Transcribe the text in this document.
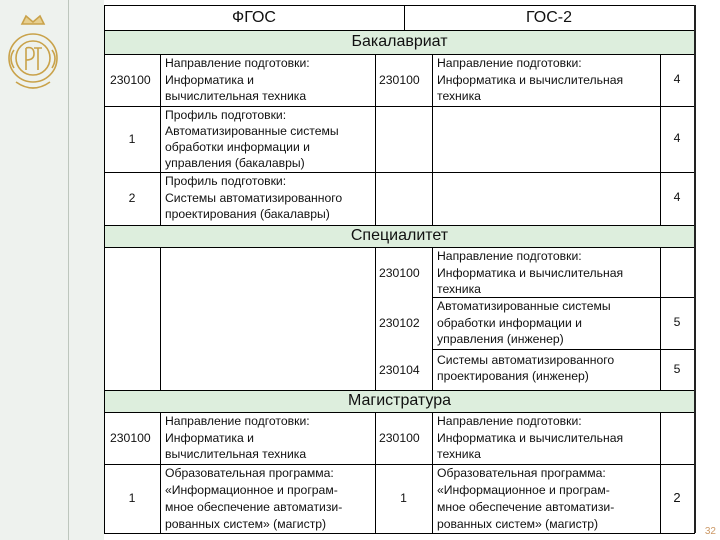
ФГОС	ГОС-2
Бакалавриат
Специалитет
Магистратура
230100
Направление подготовки:
Информатика и
вычислительная техника
230100
Направление подготовки:
Информатика и вычислительная
техника
4
1
Профиль подготовки:
Автоматизированные системы
обработки информации и
управления (бакалавры)
4
2
Профиль подготовки:
Системы автоматизированного
проектирования (бакалавры)
4
230100
Направление подготовки:
Информатика и вычислительная
техника
230102
Автоматизированные системы
обработки информации и
управления (инженер)
5
230104
Системы автоматизированного
проектирования (инженер)	5
230100
Направление подготовки:
Информатика и
вычислительная техника
230100
Направление подготовки:
Информатика и вычислительная
техника
1
Образовательная программа:
«Информационное и програм-
мное обеспечение автоматизи-
рованных систем» (магистр)
1
Образовательная программа:
«Информационное и програм-
мное обеспечение автоматизи-
рованных систем» (магистр)
2
32
